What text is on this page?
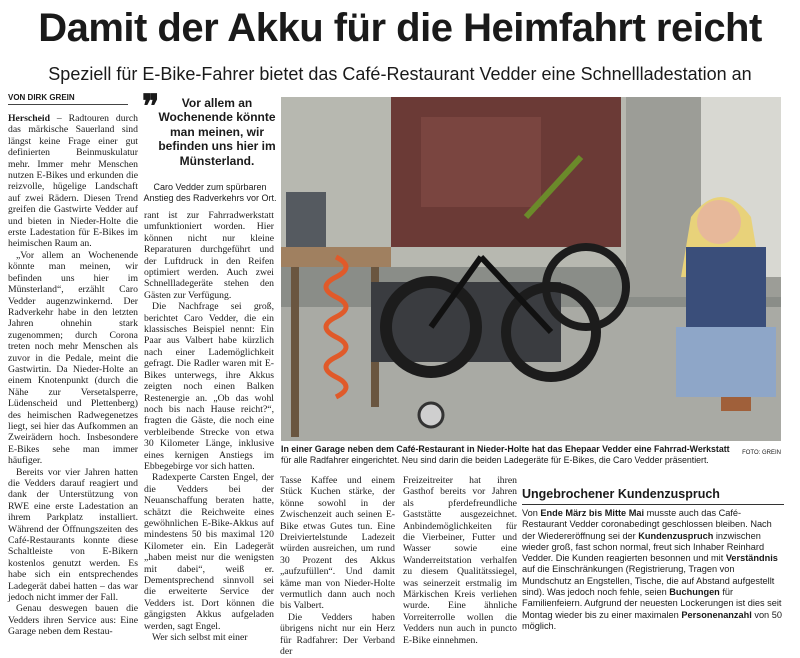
Damit der Akku für die Heimfahrt reicht
Speziell für E-Bike-Fahrer bietet das Café-Restaurant Vedder eine Schnellladestation an
VON DIRK GREIN

Herscheid – Radtouren durch das märkische Sauerland sind längst keine Frage einer gut definierten Beinmuskulatur mehr. Immer mehr Menschen nutzen E-Bikes und erkunden die reizvolle, hügelige Landschaft auf zwei Rädern. Diesen Trend greifen die Gastwirte Vedder auf und bieten in Nieder-Holte die erste Ladestation für E-Bikes im heimischen Raum an.

„Vor allem an Wochenende könnte man meinen, wir befinden uns hier im Münsterland“, erzählt Caro Vedder augenzwinkernd. Der Radverkehr habe in den letzten Jahren ohnehin stark zugenommen; durch Corona treten noch mehr Menschen als zuvor in die Pedale, meint die Gastwirtin. Da Nieder-Holte an einem Knotenpunkt (durch die Nähe zur Versetalsperre, Lüdenscheid und Plettenberg) des heimischen Radwegenetzes liegt, sei hier das Aufkommen an Zweirädern hoch. Insbesondere E-Bikes sehe man immer häufiger.

Bereits vor vier Jahren hatten die Vedders darauf reagiert und dank der Unterstützung von RWE eine erste Ladestation an ihrem Parkplatz installiert. Während der Öffnungszeiten des Café-Restaurants konnte diese Schaltleiste von E-Bikern kostenlos genutzt werden. Es habe sich ein entsprechendes Ladegerät dabei hatten – das war jedoch nicht immer der Fall.

Genau deswegen bauen die Vedders ihren Service aus: Eine Garage neben dem Restau-

❞	Vor allem an Wochenende könnte man meinen, wir befinden uns hier im Münsterland.
Caro Vedder zum spürbaren Anstieg des Radverkehrs vor Ort.

rant ist zur Fahrradwerkstatt umfunktioniert worden. Hier können nicht nur kleine Reparaturen durchgeführt und der Luftdruck in den Reifen optimiert werden. Auch zwei Schnellladegeräte stehen den Gästen zur Verfügung.

Die Nachfrage sei groß, berichtet Caro Vedder, die ein klassisches Beispiel nennt: Ein Paar aus Valbert habe kürzlich nach einer Lademöglichkeit gefragt. Die Radler waren mit E-Bikes unterwegs, ihre Akkus zeigten noch einen Balken Restenergie an. „Ob das wohl noch bis nach Hause reicht?“, fragten die Gäste, die noch eine verbleibende Strecke von etwa 30 Kilometer Länge, inklusive eines kernigen Anstiegs im Ebbegebirge vor sich hatten.

Radexperte Carsten Engel, der die Vedders bei der Neuanschaffung beraten hatte, schätzt die Reichweite eines gewöhnlichen E-Bike-Akkus auf mindestens 50 bis maximal 120 Kilometer ein. Ein Ladegerät „haben meist nur die wenigsten mit dabei“, weiß er. Dementsprechend sinnvoll sei die erweiterte Service der Vedders ist. Dort können die gängigsten Akkus aufgeladen werden, sagt Engel.

Wer sich selbst mit einer

FOTO: GREIN
In einer Garage neben dem Café-Restaurant in Nieder-Holte hat das Ehepaar Vedder eine Fahrrad-Werkstatt für alle Radfahrer eingerichtet. Neu sind darin die beiden Ladegeräte für E-Bikes, die Caro Vedder präsentiert.

Tasse Kaffee und einem Stück Kuchen stärke, der könne sowohl in der Zwischenzeit auch seinen E-Bike etwas Gutes tun. Eine Dreiviertelstunde Ladezeit würden ausreichen, um rund 30 Prozent des Akkus „aufzufüllen“. Und damit käme man von Nieder-Holte vermutlich dann auch noch bis Valbert.

Die Vedders haben übrigens nicht nur ein Herz für Radfahrer: Der Verband der

Freizeitreiter hat ihren Gasthof bereits vor Jahren als pferdefreundliche Gaststätte ausgezeichnet. Anbindemöglichkeiten für die Vierbeiner, Futter und Wasser sowie eine Wanderreitstation verhalfen zu diesem Qualitätssiegel, was seinerzeit erstmalig im Märkischen Kreis verliehen wurde. Eine ähnliche Vorreiterrolle wollen die Vedders nun auch in puncto E-Bike einnehmen.

Ungebrochener Kundenzuspruch

Von Ende März bis Mitte Mai musste auch das Café-Restaurant Vedder coronabedingt geschlossen bleiben. Nach der Wiedereröffnung sei der Kundenzuspruch inzwischen wieder groß, fast schon normal, freut sich Inhaber Reinhard Vedder. Die Kunden reagierten besonnen und mit Verständnis auf die Einschränkungen (Registrierung, Tragen von Mundschutz an Engstellen, Tische, die auf Abstand aufgestellt sind). Was jedoch noch fehle, seien Buchungen für Familienfeiern. Aufgrund der neuesten Lockerungen ist dies seit Montag wieder bis zu einer maximalen Personenanzahl von 50 möglich.
